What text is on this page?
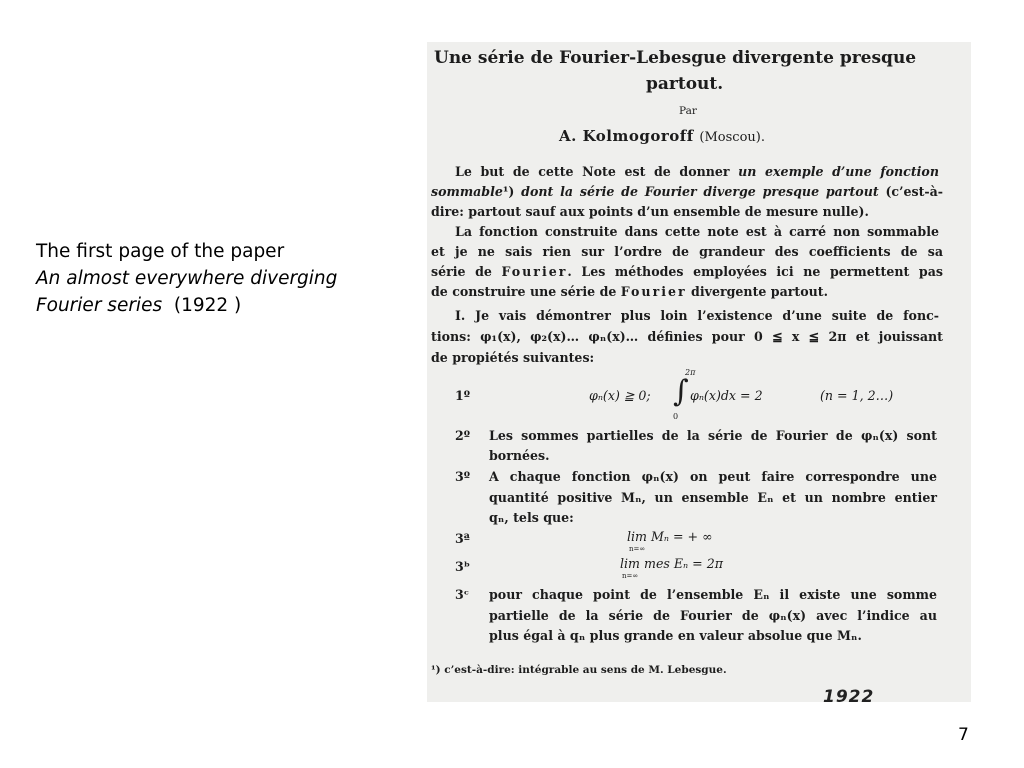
The first page of the paper
An almost everywhere diverging
Fourier series (1922 )
Une série de Fourier-Lebesgue divergente presque
partout.
Par
A. Kolmogoroff (Moscou).
Le but de cette Note est de donner un exemple d’une fonction
sommable¹) dont la série de Fourier diverge presque partout (c’est-à-
dire: partout sauf aux points d’un ensemble de mesure nulle).
La fonction construite dans cette note est à carré non sommable
et je ne sais rien sur l’ordre de grandeur des coefficients de sa
série de Fourier. Les méthodes employées ici ne permettent pas
de construire une série de Fourier divergente partout.
I. Je vais démontrer plus loin l’existence d’une suite de fonc-
tions: φ₁(x), φ₂(x)… φₙ(x)… définies pour 0 ≦ x ≦ 2π et jouissant
de propiétés suivantes:
1º	φₙ(x) ≧ 0;
2π
∫
0
φₙ(x)dx = 2	(n = 1, 2…)
2º Les sommes partielles de la série de Fourier de φₙ(x) sont
bornées.
3º A chaque fonction φₙ(x) on peut faire correspondre une
quantité positive Mₙ, un ensemble Eₙ et un nombre entier
qₙ, tels que:
3ª	lim Mₙ = + ∞
n=∞
3ᵇ	lim mes Eₙ = 2π
n=∞
3ᶜ pour chaque point de l’ensemble Eₙ il existe une somme
partielle de la série de Fourier de φₙ(x) avec l’indice au
plus égal à qₙ plus grande en valeur absolue que Mₙ.
¹) c’est-à-dire: intégrable au sens de M. Lebesgue.
1922
7
